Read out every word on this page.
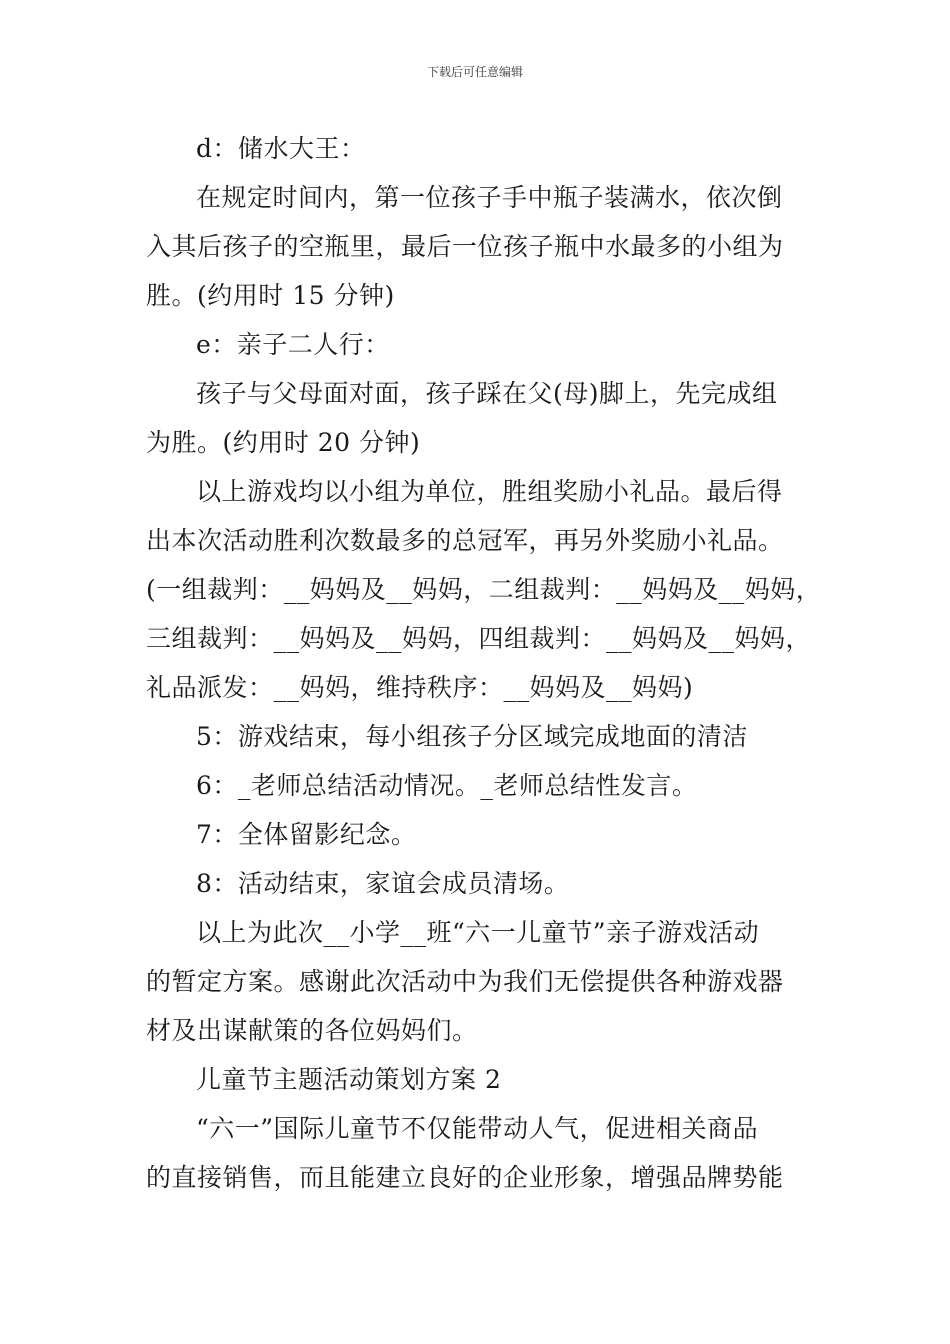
下载后可任意编辑
d：储水大王：
在规定时间内，第一位孩子手中瓶子装满水，依次倒
入其后孩子的空瓶里，最后一位孩子瓶中水最多的小组为
胜。(约用时 15 分钟)
e：亲子二人行：
孩子与父母面对面，孩子踩在父(母)脚上，先完成组
为胜。(约用时 20 分钟)
以上游戏均以小组为单位，胜组奖励小礼品。最后得
出本次活动胜利次数最多的总冠军，再另外奖励小礼品。
(一组裁判：__妈妈及__妈妈，二组裁判：__妈妈及__妈妈，
三组裁判：__妈妈及__妈妈，四组裁判：__妈妈及__妈妈，
礼品派发：__妈妈，维持秩序：__妈妈及__妈妈)
5：游戏结束，每小组孩子分区域完成地面的清洁
6：_老师总结活动情况。_老师总结性发言。
7：全体留影纪念。
8：活动结束，家谊会成员清场。
以上为此次__小学__班“六一儿童节”亲子游戏活动
的暂定方案。感谢此次活动中为我们无偿提供各种游戏器
材及出谋献策的各位妈妈们。
儿童节主题活动策划方案 2
“六一”国际儿童节不仅能带动人气，促进相关商品
的直接销售，而且能建立良好的企业形象，增强品牌势能
